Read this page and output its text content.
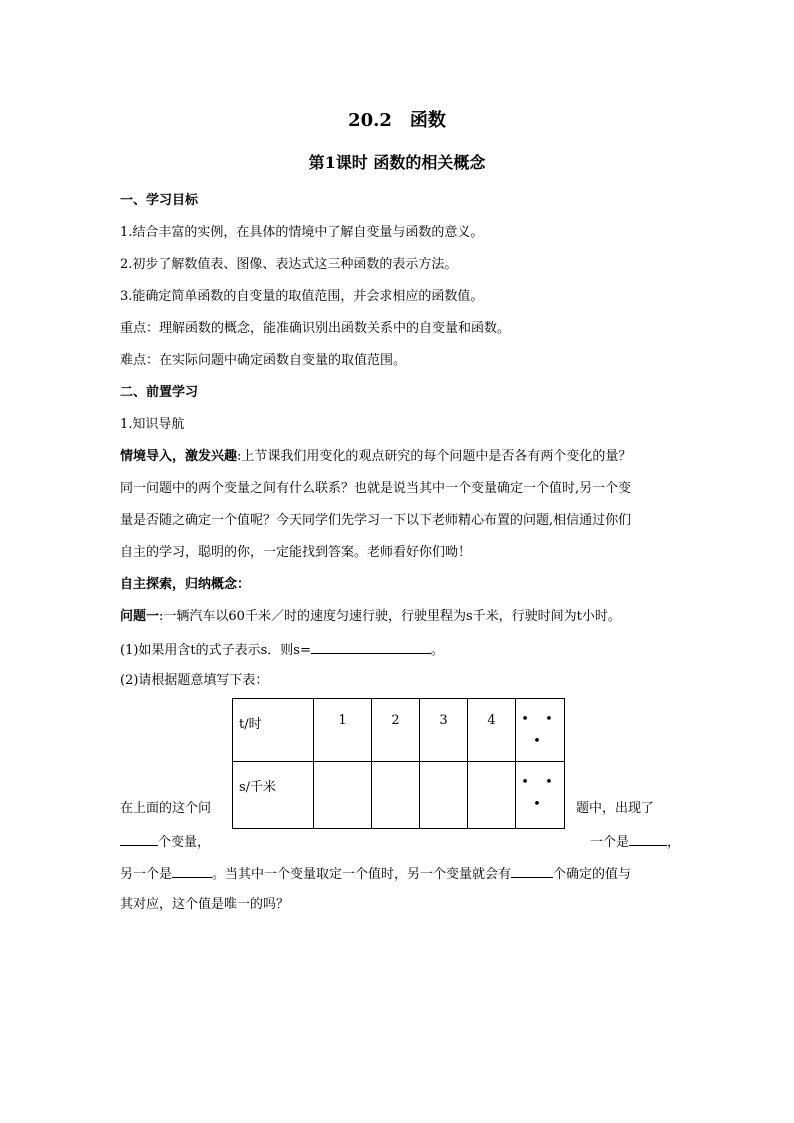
20.2　函数
第1课时 函数的相关概念
一、学习目标
1.结合丰富的实例，在具体的情境中了解自变量与函数的意义。
2.初步了解数值表、图像、表达式这三种函数的表示方法。
3.能确定简单函数的自变量的取值范围，并会求相应的函数值。
重点：理解函数的概念，能准确识别出函数关系中的自变量和函数。
难点：在实际问题中确定函数自变量的取值范围。
二、前置学习
1.知识导航
情境导入，激发兴趣:上节课我们用变化的观点研究的每个问题中是否各有两个变化的量？
同一问题中的两个变量之间有什么联系？也就是说当其中一个变量确定一个值时,另一个变
量是否随之确定一个值呢？今天同学们先学习一下以下老师精心布置的问题,相信通过你们
自主的学习，聪明的你，一定能找到答案。老师看好你们呦！
自主探索，归纳概念：
问题一:一辆汽车以60千米／时的速度匀速行驶，行驶里程为s千米，行驶时间为t小时。
(1)如果用含t的式子表示s．则s=	。
(2)请根据题意填写下表：
t/时	1	2	3	4	• •
•

s/千米					• •
•
在上面的这个问	题中，出现了
个变量，	一个是	，
另一个是	。当其中一个变量取定一个值时，另一个变量就会有	个确定的值与
其对应，这个值是唯一的吗？
